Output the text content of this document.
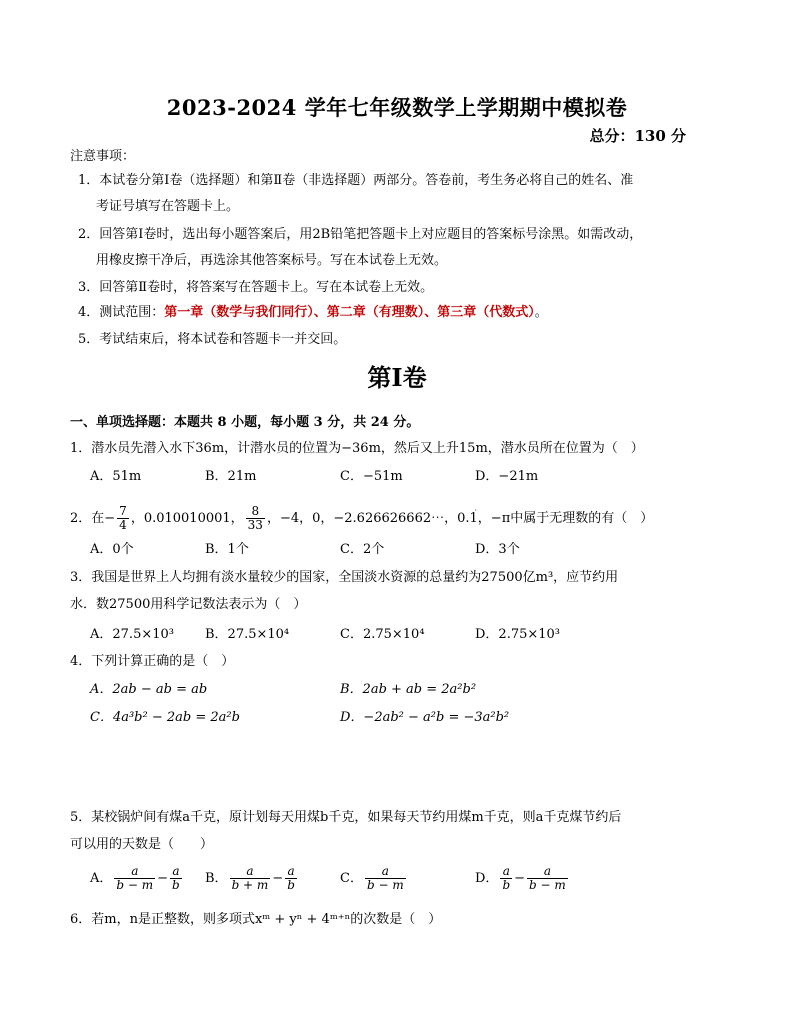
2023-2024 学年七年级数学上学期期中模拟卷
总分：130 分
注意事项：
1．本试卷分第Ⅰ卷（选择题）和第Ⅱ卷（非选择题）两部分。答卷前，考生务必将自己的姓名、准
考证号填写在答题卡上。
2．回答第Ⅰ卷时，选出每小题答案后，用2B铅笔把答题卡上对应题目的答案标号涂黑。如需改动，
用橡皮擦干净后，再选涂其他答案标号。写在本试卷上无效。
3．回答第Ⅱ卷时，将答案写在答题卡上。写在本试卷上无效。
4．测试范围：第一章（数学与我们同行）、第二章（有理数）、第三章（代数式）。
5．考试结束后，将本试卷和答题卡一并交回。
第Ⅰ卷
一、单项选择题：本题共 8 小题，每小题 3 分，共 24 分。
1．潜水员先潜入水下36m，计潜水员的位置为−36m，然后又上升15m，潜水员所在位置为（　）
A．51m	B．21m	C．−51m	D．−21m
2．在− $\frac{7}{4}$ ，0.010010001， $\frac{8}{33}$ ，−4，0，−2.626626662⋯，0.1，−π中属于无理数的有（　）
A．0个	B．1个	C．2个	D．3个
3．我国是世界上人均拥有淡水量较少的国家，全国淡水资源的总量约为27500亿m³，应节约用
水．数27500用科学记数法表示为（　）
A．27.5×10³ B．27.5×10⁴	C．2.75×10⁴	D．2.75×10³
4．下列计算正确的是（　）
A．2ab − ab = ab	B．2ab + ab = 2a²b²
C．4a³b² − 2ab = 2a²b	D．−2ab² − a²b = −3a²b²
5．某校锅炉间有煤a千克，原计划每天用煤b千克，如果每天节约用煤m千克，则a千克煤节约后
可以用的天数是（　　）
A． $\frac{a}{b - m} - \frac{a}{b}$ B． $\frac{a}{b + m} - \frac{a}{b}$	C． $\frac{a}{b - m}$	D． $\frac{a}{b} - \frac{a}{b - m}$
6．若m，n是正整数，则多项式xᵐ + yⁿ + 4ᵐ⁺ⁿ的次数是（　）
